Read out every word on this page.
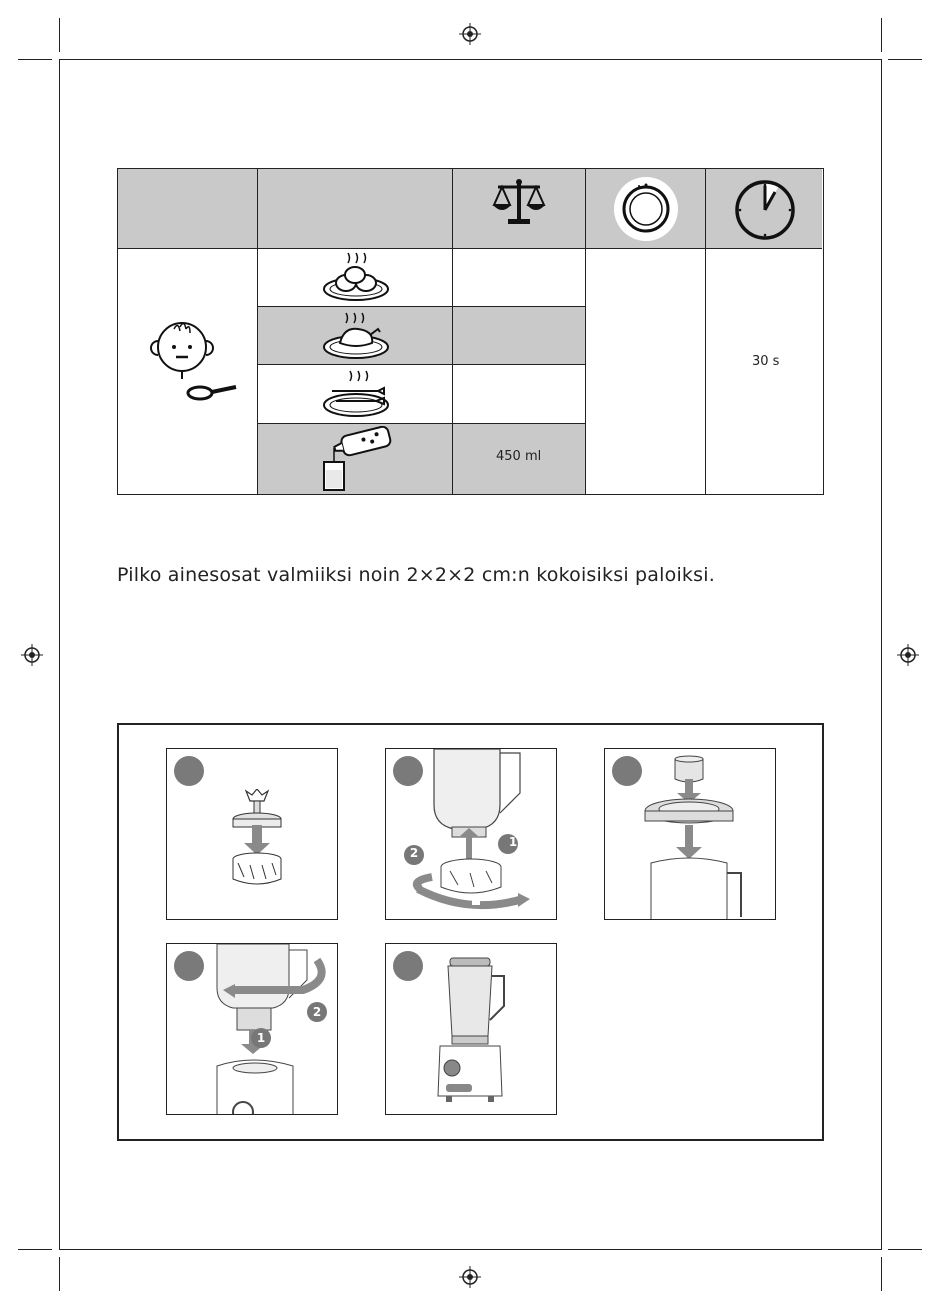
450 ml
30 s
Pilko ainesosat valmiiksi noin 2×2×2 cm:n kokoisiksi paloiksi.
1
2
1
2
